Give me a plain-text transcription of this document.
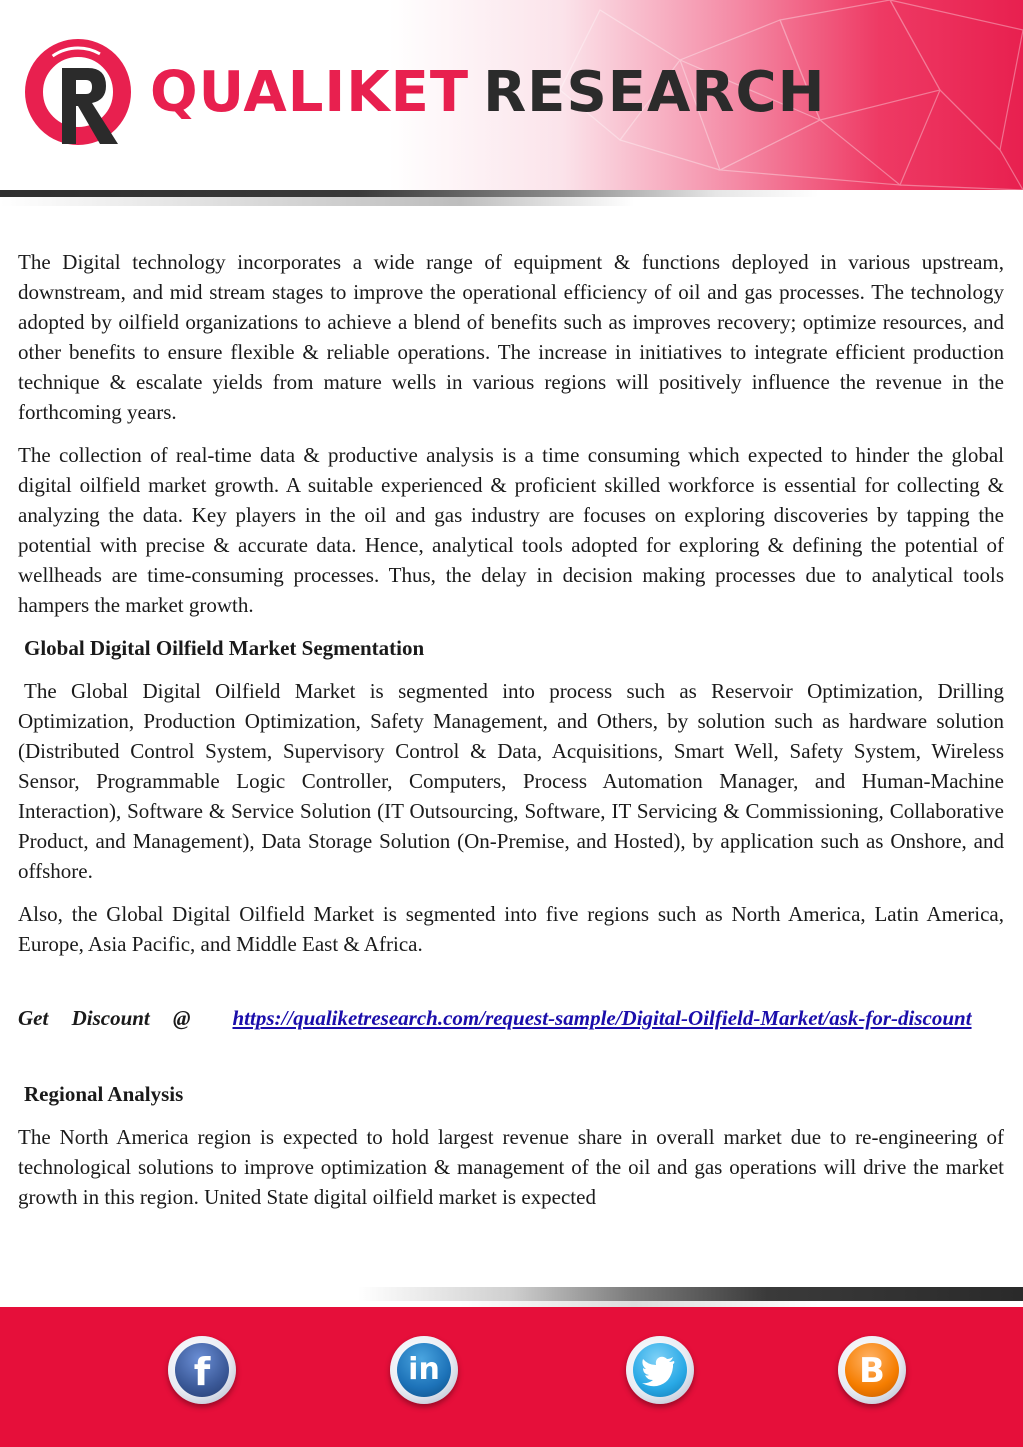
QUALIKET RESEARCH

The Digital technology incorporates a wide range of equipment & functions deployed in various upstream, downstream, and mid stream stages to improve the operational efficiency of oil and gas processes. The technology adopted by oilfield organizations to achieve a blend of benefits such as improves recovery; optimize resources, and other benefits to ensure flexible & reliable operations. The increase in initiatives to integrate efficient production technique & escalate yields from mature wells in various regions will positively influence the revenue in the forthcoming years.

The collection of real-time data & productive analysis is a time consuming which expected to hinder the global digital oilfield market growth. A suitable experienced & proficient skilled workforce is essential for collecting & analyzing the data. Key players in the oil and gas industry are focuses on exploring discoveries by tapping the potential with precise & accurate data. Hence, analytical tools adopted for exploring & defining the potential of wellheads are time-consuming processes. Thus, the delay in decision making processes due to analytical tools hampers the market growth.

Global Digital Oilfield Market Segmentation

The Global Digital Oilfield Market is segmented into process such as Reservoir Optimization, Drilling Optimization, Production Optimization, Safety Management, and Others, by solution such as hardware solution (Distributed Control System, Supervisory Control & Data, Acquisitions, Smart Well, Safety System, Wireless Sensor, Programmable Logic Controller, Computers, Process Automation Manager, and Human-Machine Interaction), Software & Service Solution (IT Outsourcing, Software, IT Servicing & Commissioning, Collaborative Product, and Management), Data Storage Solution (On-Premise, and Hosted), by application such as Onshore, and offshore.

Also, the Global Digital Oilfield Market is segmented into five regions such as North America, Latin America, Europe, Asia Pacific, and Middle East & Africa.

Get Discount @ https://qualiketresearch.com/request-sample/Digital-Oilfield-Market/ask-for-discount

Regional Analysis

The North America region is expected to hold largest revenue share in overall market due to re-engineering of technological solutions to improve optimization & management of the oil and gas operations will drive the market growth in this region. United State digital oilfield market is expected

f	in	B
